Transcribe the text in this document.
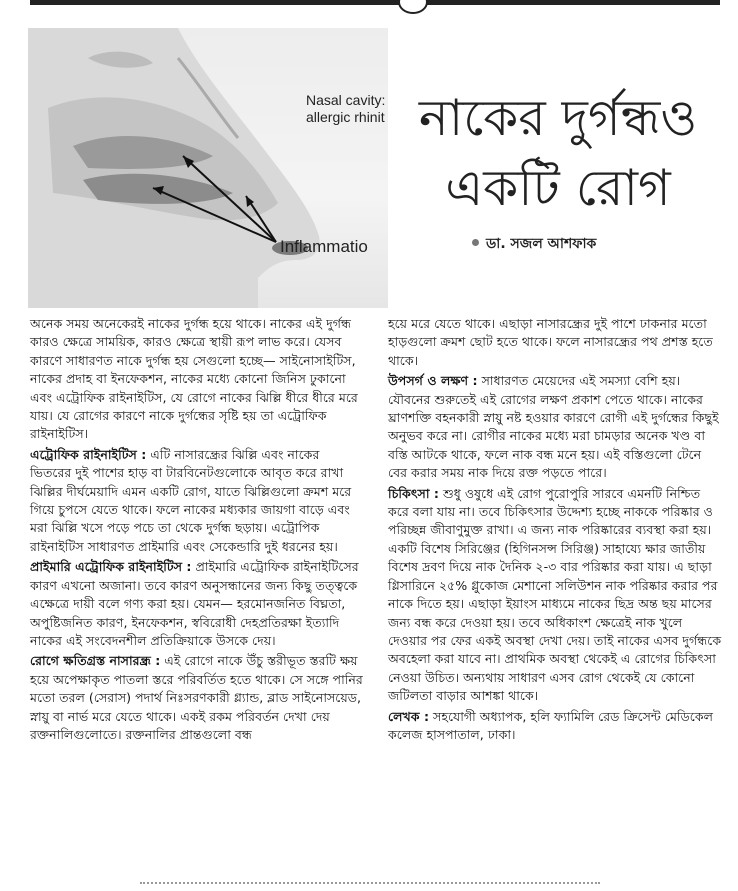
Nasal cavity:
allergic rhinit
Inflammatio
নাকের দুর্গন্ধও
একটি রোগ
ডা. সজল আশফাক

অনেক সময় অনেকেরই নাকের দুর্গন্ধ হয়ে থাকে। নাকের এই দুর্গন্ধ কারও ক্ষেত্রে সাময়িক, কারও ক্ষেত্রে স্থায়ী রূপ লাভ করে। যেসব কারণে সাধারণত নাকে দুর্গন্ধ হয় সেগুলো হচ্ছে— সাইনোসাইটিস, নাকের প্রদাহ বা ইনফেকশন, নাকের মধ্যে কোনো জিনিস ঢুকানো এবং এট্রোফিক রাইনাইটিস, যে রোগে নাকের ঝিল্লি ধীরে ধীরে মরে যায়। যে রোগের কারণে নাকে দুর্গন্ধের সৃষ্টি হয় তা এট্রোফিক রাইনাইটিস।

এট্রোফিক রাইনাইটিস : এটি নাসারন্ধ্রের ঝিল্লি এবং নাকের ভিতরের দুই পাশের হাড় বা টারবিনেটগুলোকে আবৃত করে রাখা ঝিল্লির দীর্ঘমেয়াদি এমন একটি রোগ, যাতে ঝিল্লিগুলো ক্রমশ মরে গিয়ে চুপসে যেতে থাকে। ফলে নাকের মধ্যকার জায়গা বাড়ে এবং মরা ঝিল্লি খসে পড়ে পচে তা থেকে দুর্গন্ধ ছড়ায়। এট্রোপিক রাইনাইটিস সাধারণত প্রাইমারি এবং সেকেন্ডারি দুই ধরনের হয়।

প্রাইমারি এট্রোফিক রাইনাইটিস : প্রাইমারি এট্রোফিক রাইনাইটিসের কারণ এখনো অজানা। তবে কারণ অনুসন্ধানের জন্য কিছু তত্ত্বকে এক্ষেত্রে দায়ী বলে গণ্য করা হয়। যেমন— হরমোনজনিত বিঘ্নতা, অপুষ্টিজনিত কারণ, ইনফেকশন, স্ববিরোধী দেহপ্রতিরক্ষা ইত্যাদি নাকের এই সংবেদনশীল প্রতিক্রিয়াকে উসকে দেয়।

রোগে ক্ষতিগ্রস্ত নাসারন্ধ্র : এই রোগে নাকে উঁচু স্তরীভূত স্তরটি ক্ষয় হয়ে অপেক্ষাকৃত পাতলা স্তরে পরিবর্তিত হতে থাকে। সে সঙ্গে পানির মতো তরল (সেরাস) পদার্থ নিঃসরণকারী গ্ল্যান্ড, ব্লাড সাইনোসয়েড, স্নায়ু বা নার্ভ মরে যেতে থাকে। একই রকম পরিবর্তন দেখা দেয় রক্তনালিগুলোতে। রক্তনালির প্রান্তগুলো বন্ধ

হয়ে মরে যেতে থাকে। এছাড়া নাসারন্ধ্রের দুই পাশে ঢাকনার মতো হাড়গুলো ক্রমশ ছোট হতে থাকে। ফলে নাসারন্ধ্রের পথ প্রশস্ত হতে থাকে।

উপসর্গ ও লক্ষণ : সাধারণত মেয়েদের এই সমস্যা বেশি হয়। যৌবনের শুরুতেই এই রোগের লক্ষণ প্রকাশ পেতে থাকে। নাকের ঘ্রাণশক্তি বহনকারী স্নায়ু নষ্ট হওয়ার কারণে রোগী এই দুর্গন্ধের কিছুই অনুভব করে না। রোগীর নাকের মধ্যে মরা চামড়ার অনেক খণ্ড বা বস্তি আটকে থাকে, ফলে নাক বন্ধ মনে হয়। এই বস্তিগুলো টেনে বের করার সময় নাক দিয়ে রক্ত পড়তে পারে।

চিকিৎসা : শুধু ওষুধে এই রোগ পুরোপুরি সারবে এমনটি নিশ্চিত করে বলা যায় না। তবে চিকিৎসার উদ্দেশ্য হচ্ছে নাককে পরিষ্কার ও পরিচ্ছন্ন জীবাণুমুক্ত রাখা। এ জন্য নাক পরিষ্কারের ব্যবস্থা করা হয়। একটি বিশেষ সিরিঞ্জের (হিগিনসন্স সিরিঞ্জ) সাহায্যে ক্ষার জাতীয় বিশেষ দ্রবণ দিয়ে নাক দৈনিক ২-৩ বার পরিষ্কার করা যায়। এ ছাড়া গ্লিসারিনে ২৫% গ্লুকোজ মেশানো সলিউশন নাক পরিষ্কার করার পর নাকে দিতে হয়। এছাড়া ইয়াংস মাধ্যমে নাকের ছিদ্র অন্ত ছয় মাসের জন্য বন্ধ করে দেওয়া হয়। তবে অধিকাংশ ক্ষেত্রেই নাক খুলে দেওয়ার পর ফের একই অবস্থা দেখা দেয়। তাই নাকের এসব দুর্গন্ধকে অবহেলা করা যাবে না। প্রাথমিক অবস্থা থেকেই এ রোগের চিকিৎসা নেওয়া উচিত। অন্যথায় সাধারণ এসব রোগ থেকেই যে কোনো জটিলতা বাড়ার আশঙ্কা থাকে।

লেখক : সহযোগী অধ্যাপক, হলি ফ্যামিলি রেড ক্রিসেন্ট মেডিকেল কলেজ হাসপাতাল, ঢাকা।
